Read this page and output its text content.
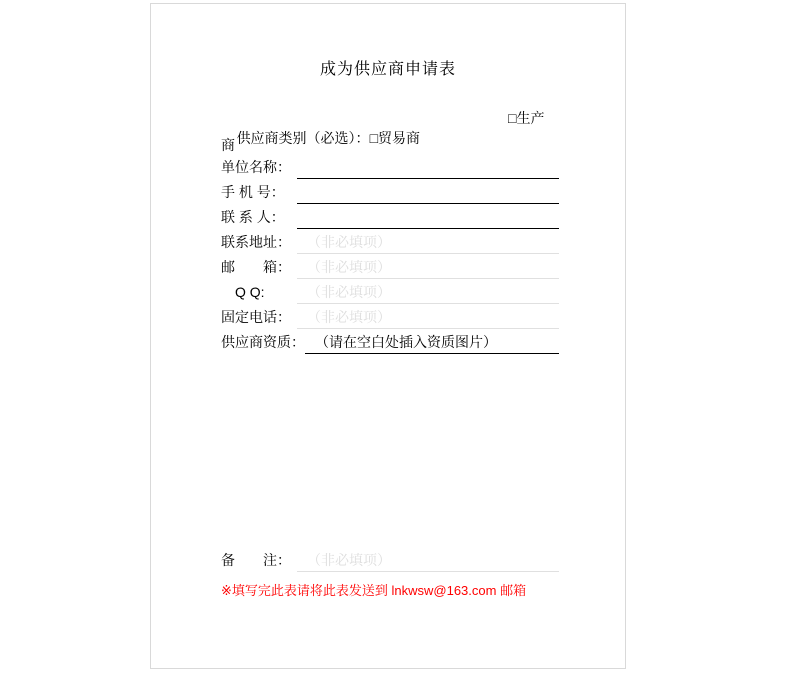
成为供应商申请表

供应商类别（必选）：□贸易商

□生产

商
单位名称：
手 机 号：
联 系 人：
联系地址：	（非必填项）
邮　　箱：	（非必填项）
Q Q:	（非必填项）
固定电话：	（非必填项）
供应商资质： （请在空白处插入资质图片）
备　　注：	（非必填项）
※填写完此表请将此表发送到 lnkwsw@163.com 邮箱
